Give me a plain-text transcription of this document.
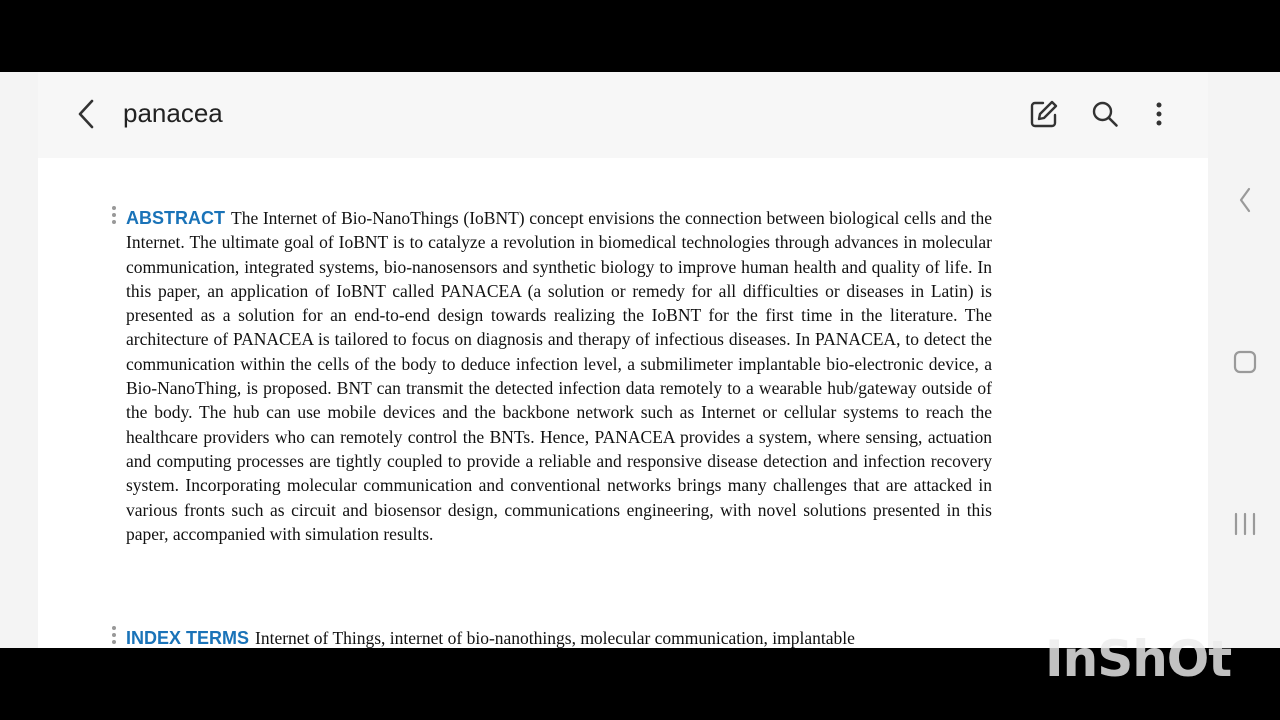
panacea

ABSTRACT The Internet of Bio-NanoThings (IoBNT) concept envisions the connection between biological cells and the Internet. The ultimate goal of IoBNT is to catalyze a revolution in biomedical technologies through advances in molecular communication, integrated systems, bio-nanosensors and synthetic biology to improve human health and quality of life. In this paper, an application of IoBNT called PANACEA (a solution or remedy for all difficulties or diseases in Latin) is presented as a solution for an end-to-end design towards realizing the IoBNT for the first time in the literature. The architecture of PANACEA is tailored to focus on diagnosis and therapy of infectious diseases. In PANACEA, to detect the communication within the cells of the body to deduce infection level, a submilimeter implantable bio-electronic device, a Bio-NanoThing, is proposed. BNT can transmit the detected infection data remotely to a wearable hub/gateway outside of the body. The hub can use mobile devices and the backbone network such as Internet or cellular systems to reach the healthcare providers who can remotely control the BNTs. Hence, PANACEA provides a system, where sensing, actuation and computing processes are tightly coupled to provide a reliable and responsive disease detection and infection recovery system. Incorporating molecular communication and conventional networks brings many challenges that are attacked in various fronts such as circuit and biosensor design, communications engineering, with novel solutions presented in this paper, accompanied with simulation results.

INDEX TERMS Internet of Things, internet of bio-nanothings, molecular communication, implantable	InShOt
